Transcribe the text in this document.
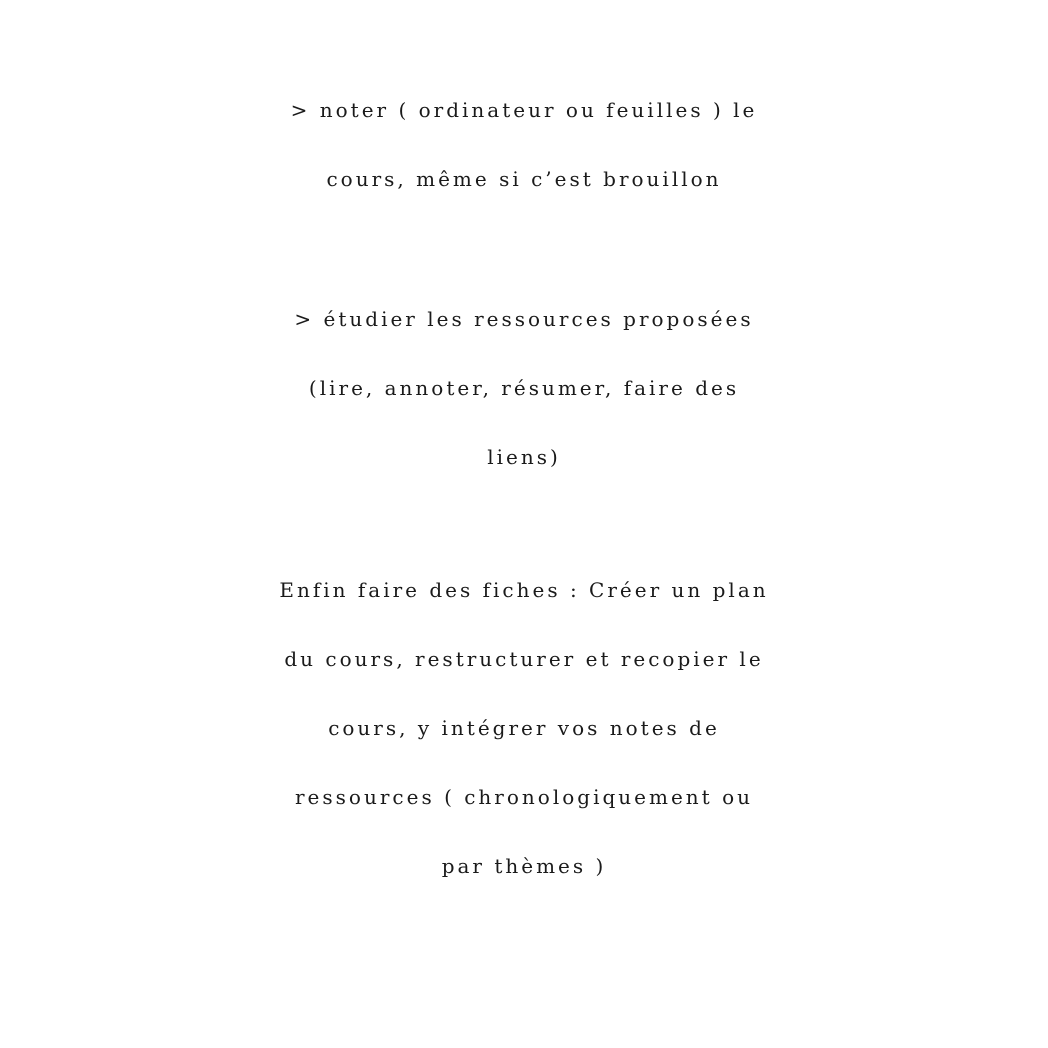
> noter ( ordinateur ou feuilles ) le
cours, même si c’est brouillon

> étudier les ressources proposées
(lire, annoter, résumer, faire des
liens)

Enfin faire des fiches : Créer un plan
du cours, restructurer et recopier le
cours, y intégrer vos notes de
ressources ( chronologiquement ou
par thèmes )
